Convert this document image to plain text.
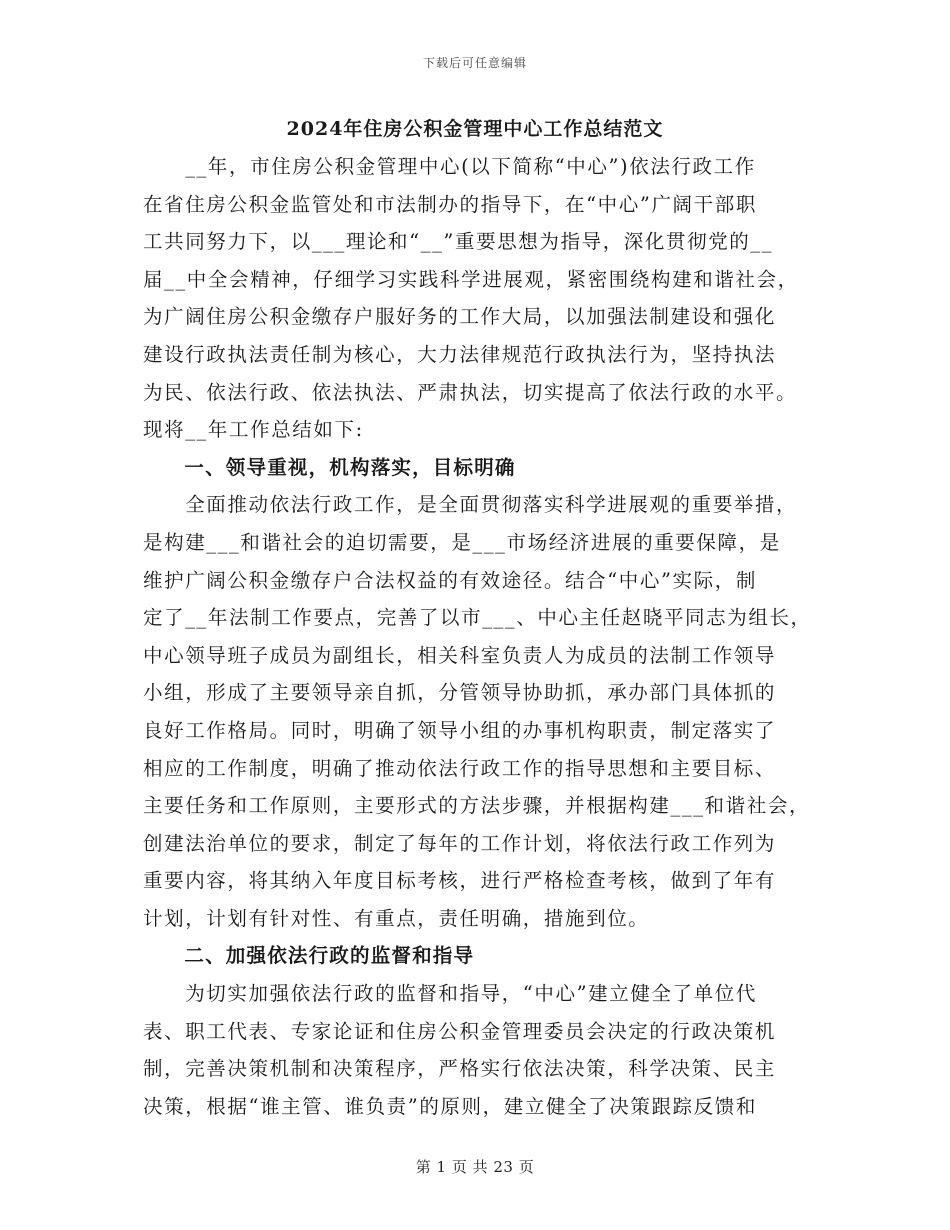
下载后可任意编辑
2024年住房公积金管理中心工作总结范文
　　__年，市住房公积金管理中心(以下简称“中心”)依法行政工作
在省住房公积金监管处和市法制办的指导下，在“中心”广阔干部职
工共同努力下，以___理论和“__”重要思想为指导，深化贯彻党的__
届__中全会精神，仔细学习实践科学进展观，紧密围绕构建和谐社会，
为广阔住房公积金缴存户服好务的工作大局，以加强法制建设和强化
建设行政执法责任制为核心，大力法律规范行政执法行为，坚持执法
为民、依法行政、依法执法、严肃执法，切实提高了依法行政的水平。
现将__年工作总结如下:
　　一、领导重视，机构落实，目标明确
　　全面推动依法行政工作，是全面贯彻落实科学进展观的重要举措，
是构建___和谐社会的迫切需要，是___市场经济进展的重要保障，是
维护广阔公积金缴存户合法权益的有效途径。结合“中心”实际，制
定了__年法制工作要点，完善了以市___、中心主任赵晓平同志为组长，
中心领导班子成员为副组长，相关科室负责人为成员的法制工作领导
小组，形成了主要领导亲自抓，分管领导协助抓，承办部门具体抓的
良好工作格局。同时，明确了领导小组的办事机构职责，制定落实了
相应的工作制度，明确了推动依法行政工作的指导思想和主要目标、
主要任务和工作原则，主要形式的方法步骤，并根据构建___和谐社会，
创建法治单位的要求，制定了每年的工作计划，将依法行政工作列为
重要内容，将其纳入年度目标考核，进行严格检查考核，做到了年有
计划，计划有针对性、有重点，责任明确，措施到位。
　　二、加强依法行政的监督和指导
　　为切实加强依法行政的监督和指导，“中心”建立健全了单位代
表、职工代表、专家论证和住房公积金管理委员会决定的行政决策机
制，完善决策机制和决策程序，严格实行依法决策，科学决策、民主
决策，根据“谁主管、谁负责”的原则，建立健全了决策跟踪反馈和
第 1 页 共 23 页
